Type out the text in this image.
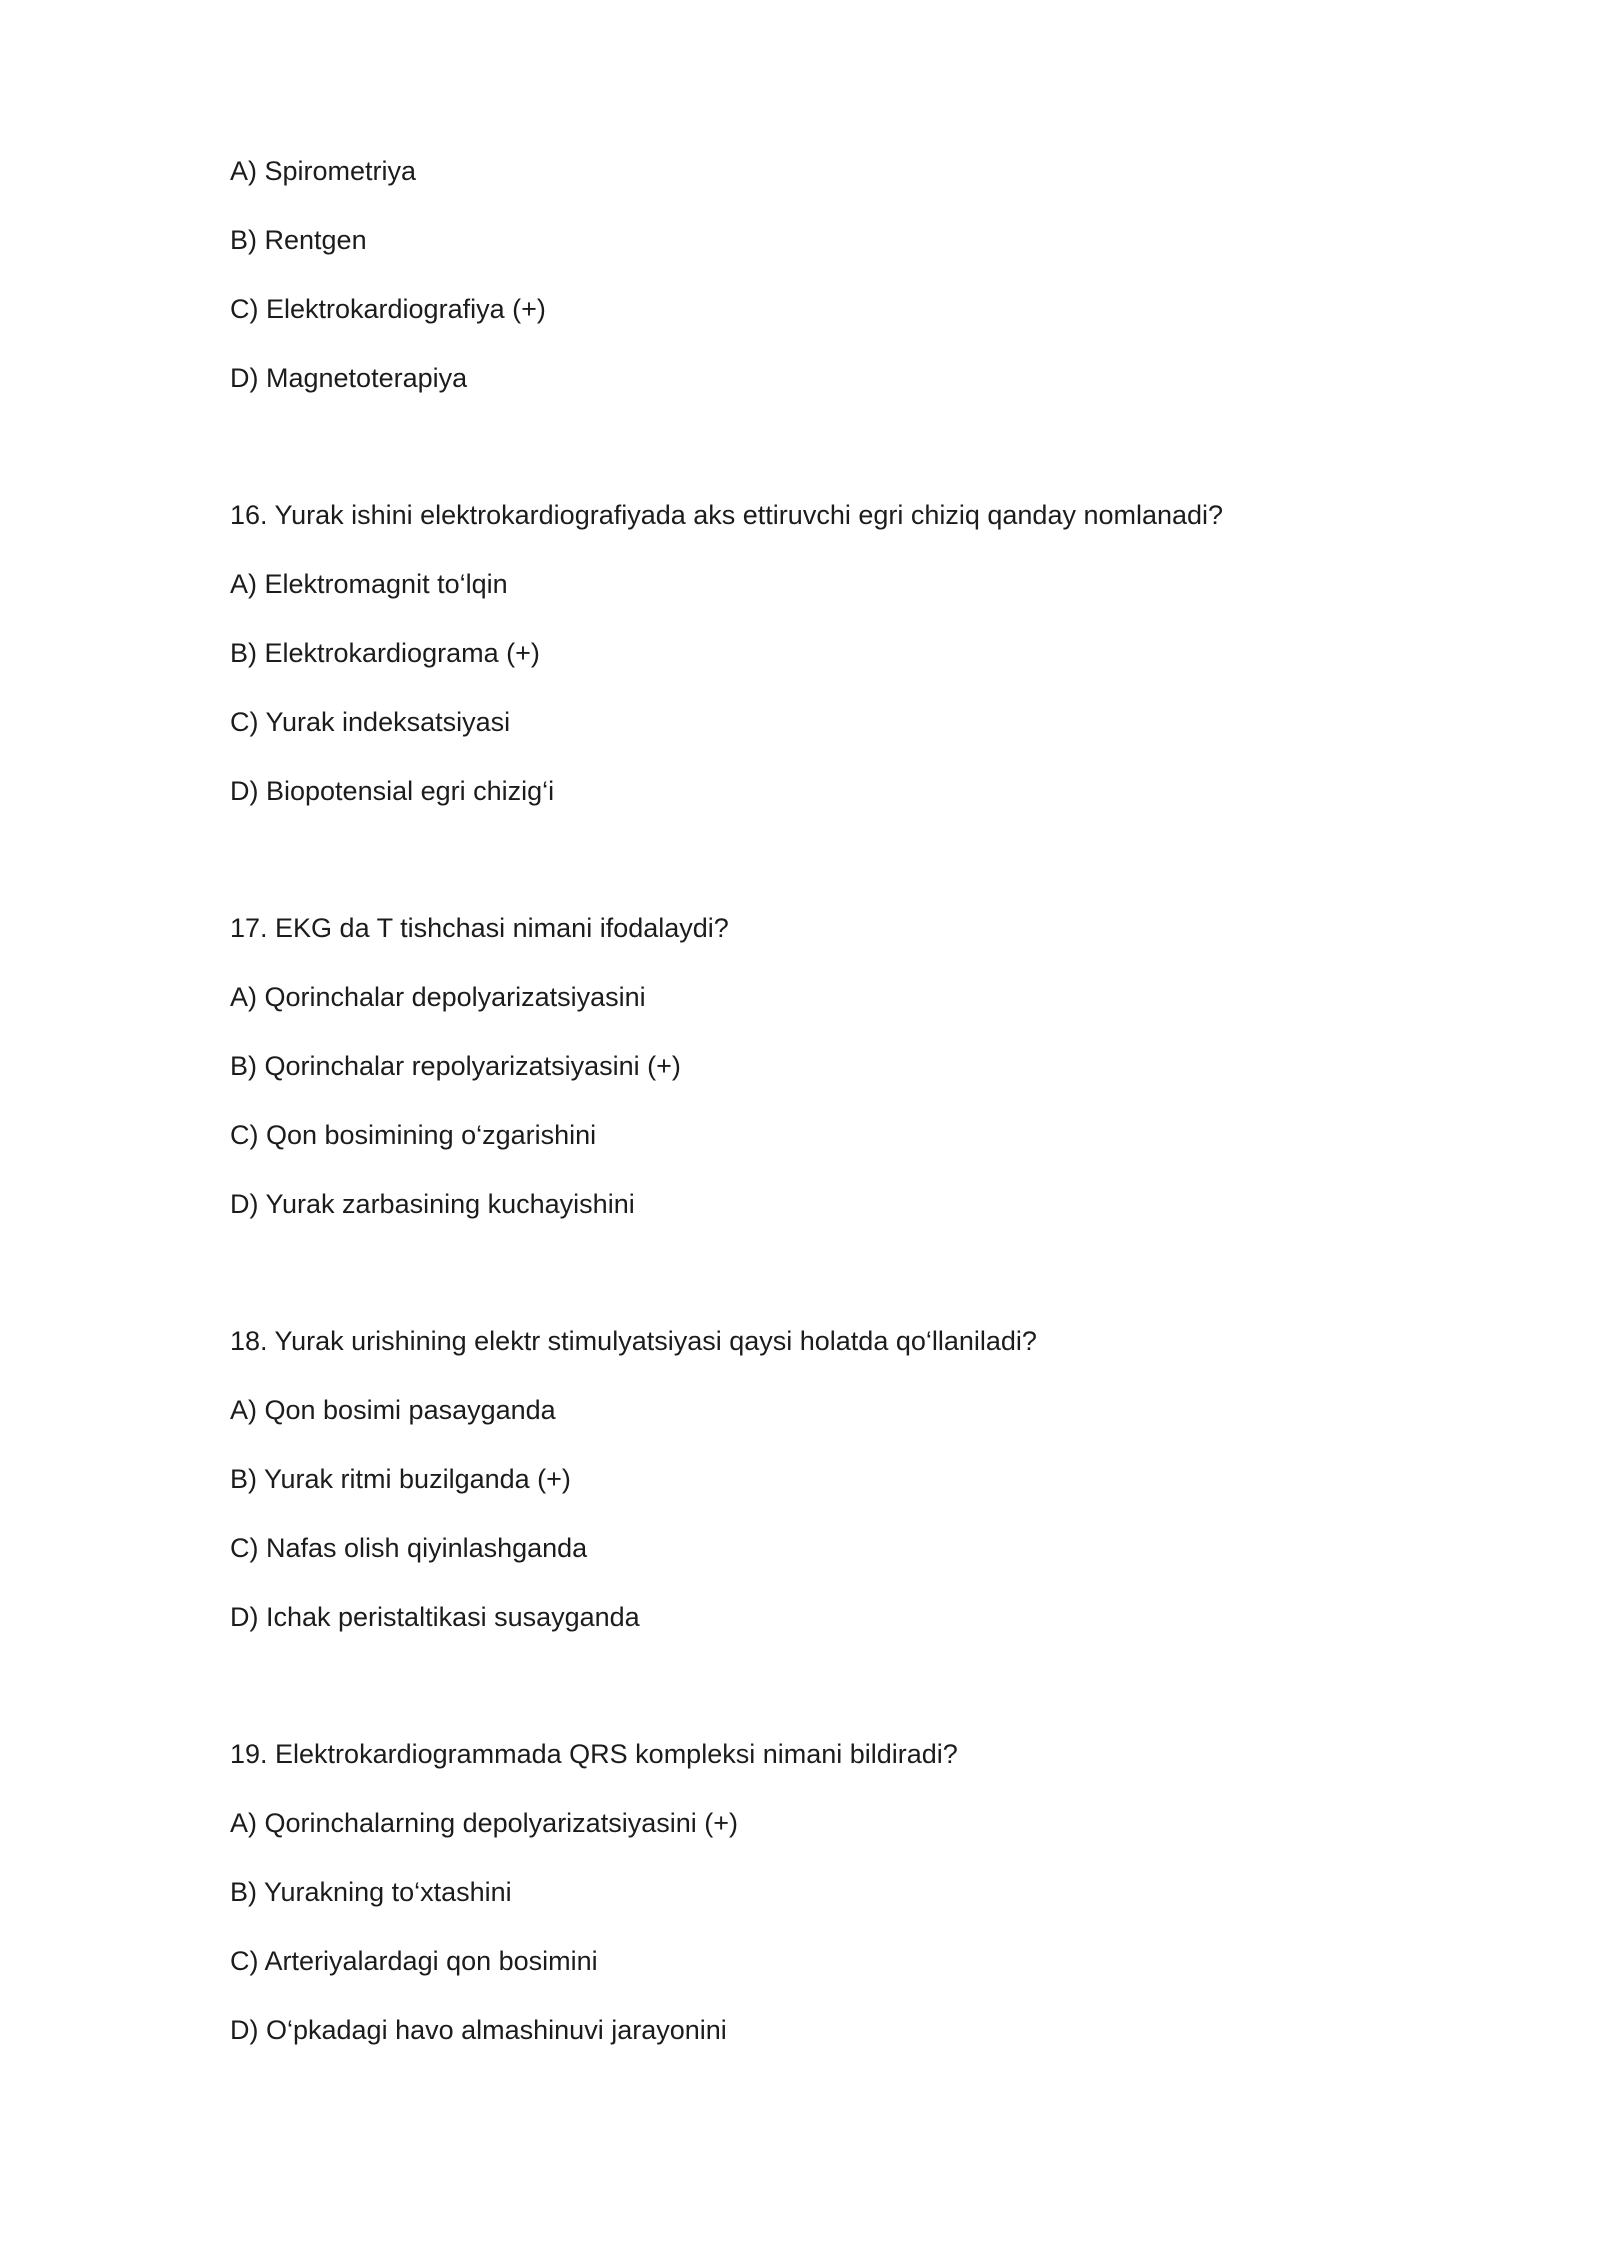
A) Spirometriya

B) Rentgen

C) Elektrokardiografiya (+)

D) Magnetoterapiya

16. Yurak ishini elektrokardiografiyada aks ettiruvchi egri chiziq qanday nomlanadi?

A) Elektromagnit to‘lqin

B) Elektrokardiograma (+)

C) Yurak indeksatsiyasi

D) Biopotensial egri chizig‘i

17. EKG da T tishchasi nimani ifodalaydi?

A) Qorinchalar depolyarizatsiyasini

B) Qorinchalar repolyarizatsiyasini (+)

C) Qon bosimining o‘zgarishini

D) Yurak zarbasining kuchayishini

18. Yurak urishining elektr stimulyatsiyasi qaysi holatda qo‘llaniladi?

A) Qon bosimi pasayganda

B) Yurak ritmi buzilganda (+)

C) Nafas olish qiyinlashganda

D) Ichak peristaltikasi susayganda

19. Elektrokardiogrammada QRS kompleksi nimani bildiradi?

A) Qorinchalarning depolyarizatsiyasini (+)

B) Yurakning to‘xtashini

C) Arteriyalardagi qon bosimini

D) O‘pkadagi havo almashinuvi jarayonini
